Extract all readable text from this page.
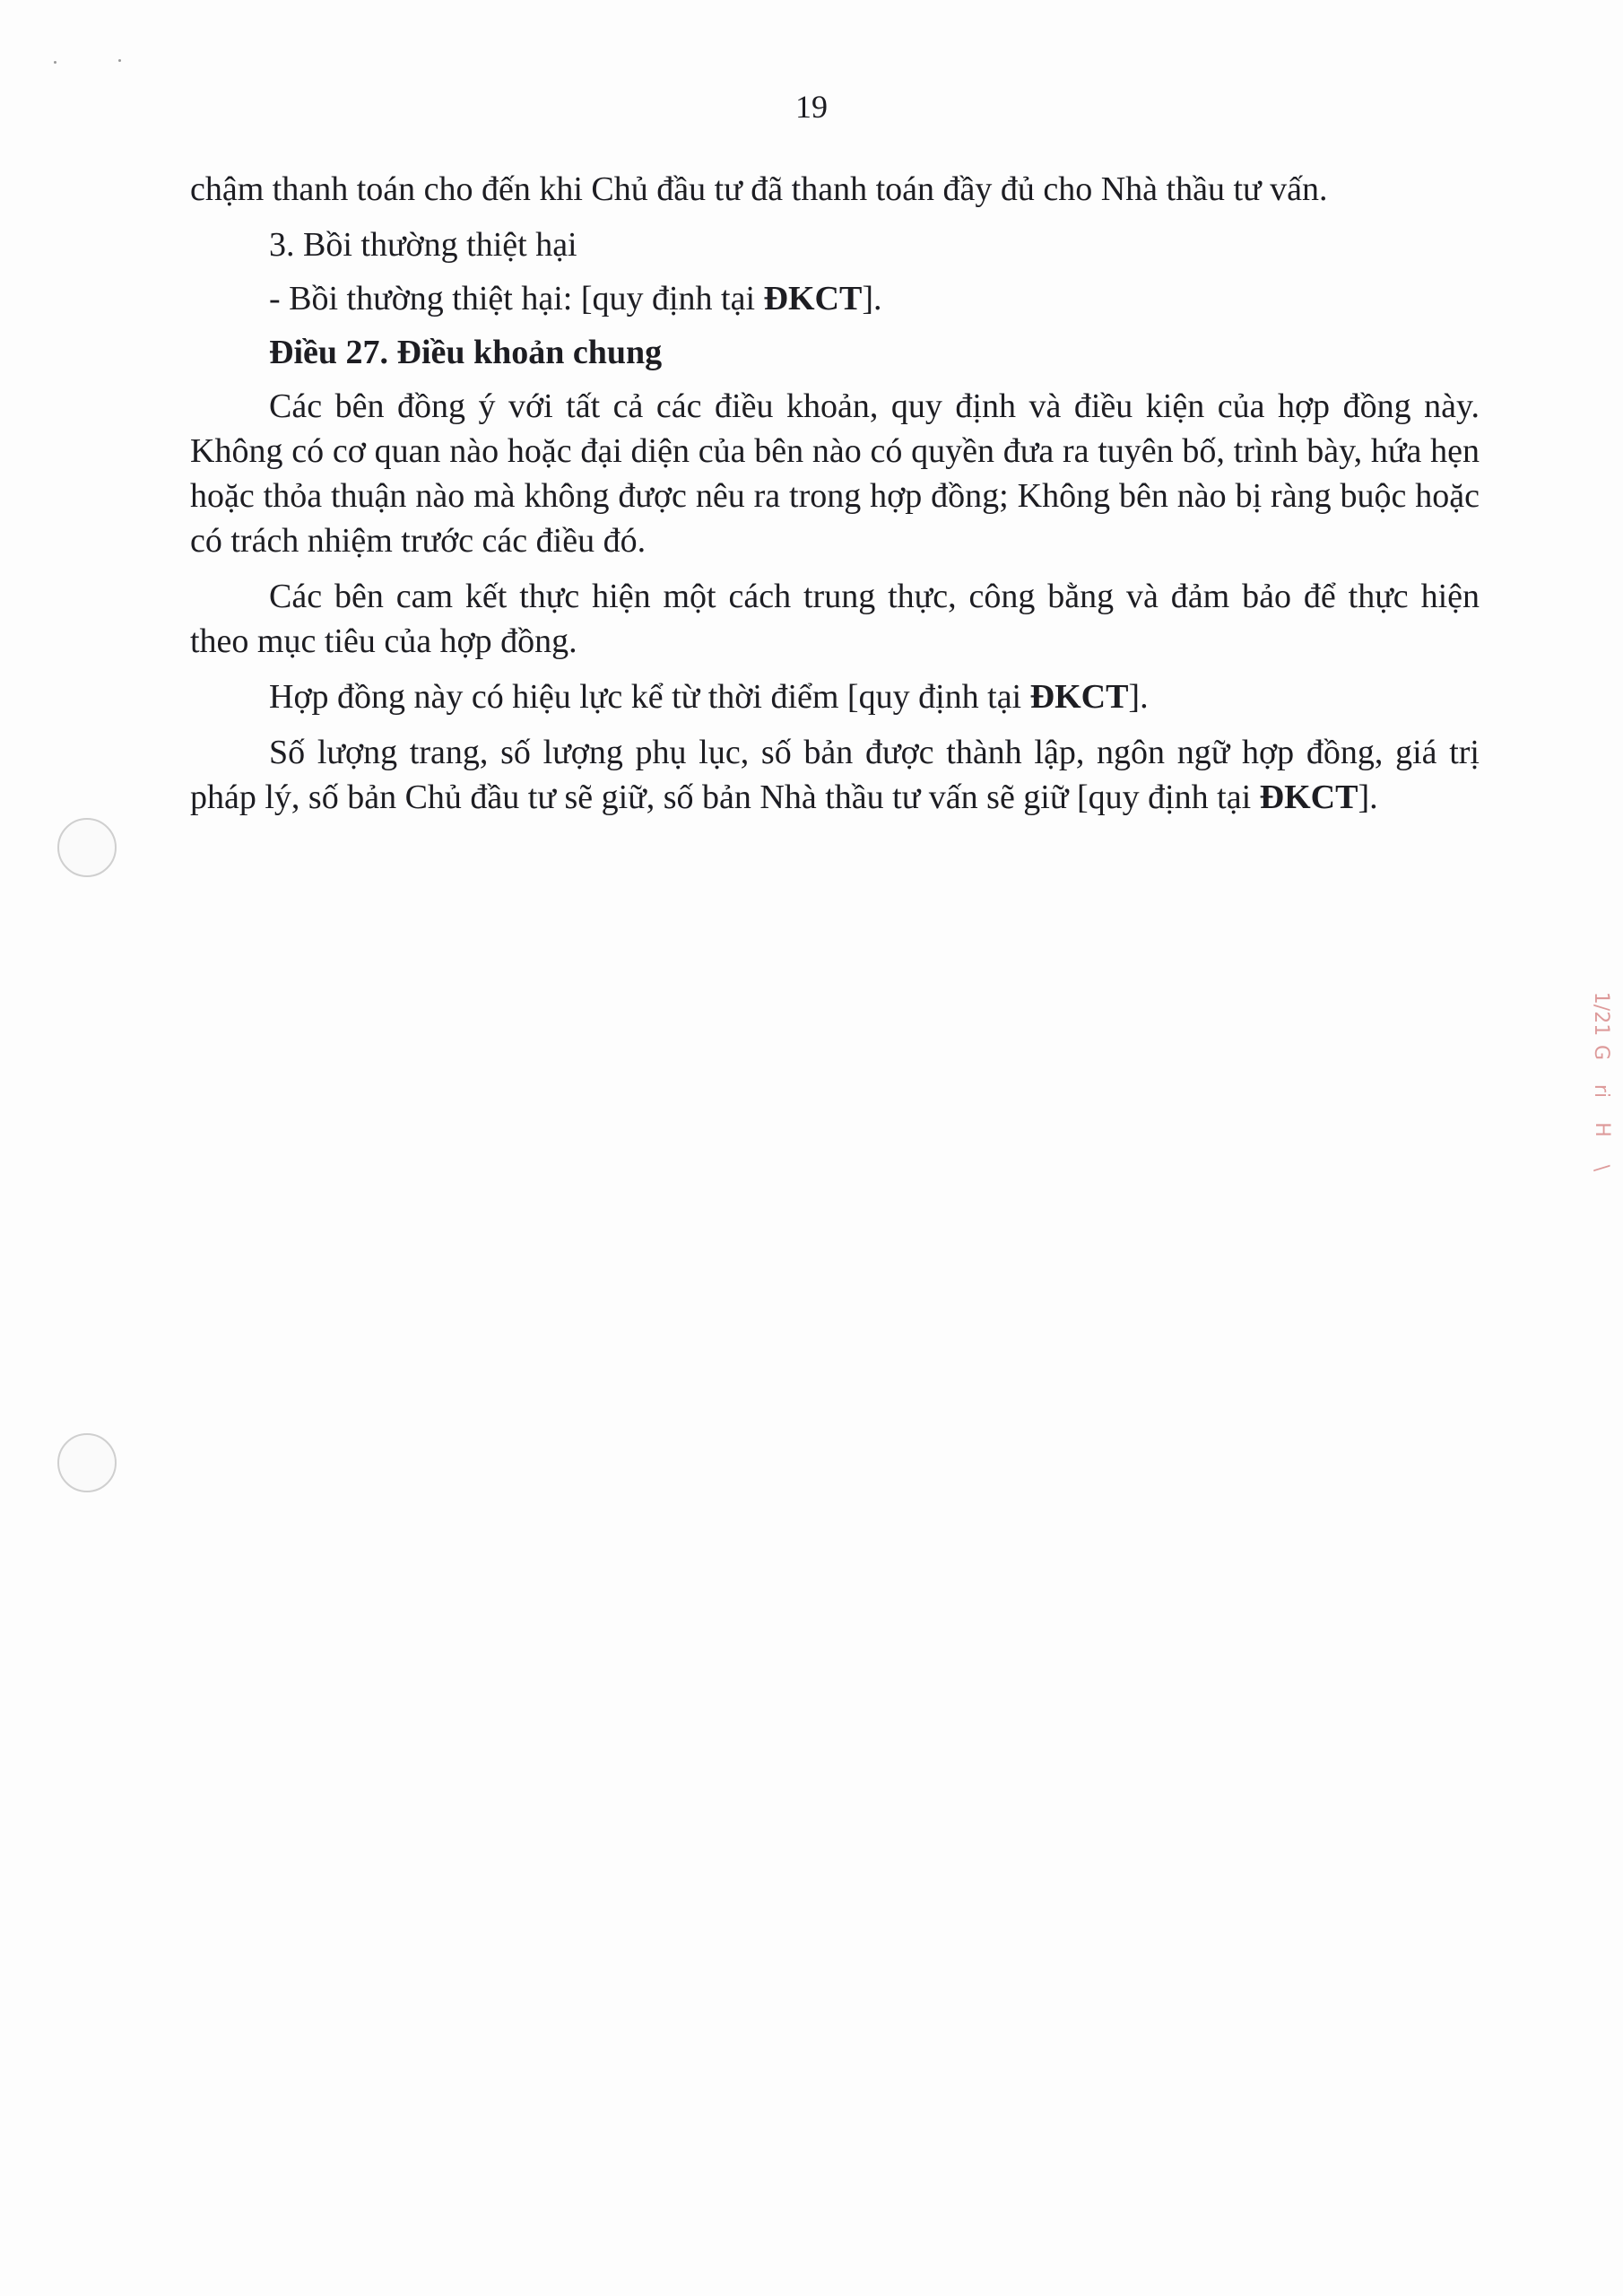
19

chậm thanh toán cho đến khi Chủ đầu tư đã thanh toán đầy đủ cho Nhà thầu tư vấn.

3. Bồi thường thiệt hại

- Bồi thường thiệt hại: [quy định tại ĐKCT].

Điều 27. Điều khoản chung

Các bên đồng ý với tất cả các điều khoản, quy định và điều kiện của hợp đồng này. Không có cơ quan nào hoặc đại diện của bên nào có quyền đưa ra tuyên bố, trình bày, hứa hẹn hoặc thỏa thuận nào mà không được nêu ra trong hợp đồng; Không bên nào bị ràng buộc hoặc có trách nhiệm trước các điều đó.

Các bên cam kết thực hiện một cách trung thực, công bằng và đảm bảo để thực hiện theo mục tiêu của hợp đồng.

Hợp đồng này có hiệu lực kể từ thời điểm [quy định tại ĐKCT].

Số lượng trang, số lượng phụ lục, số bản được thành lập, ngôn ngữ hợp đồng, giá trị pháp lý, số bản Chủ đầu tư sẽ giữ, số bản Nhà thầu tư vấn sẽ giữ [quy định tại ĐKCT].

1/21
G
ri
H
\
